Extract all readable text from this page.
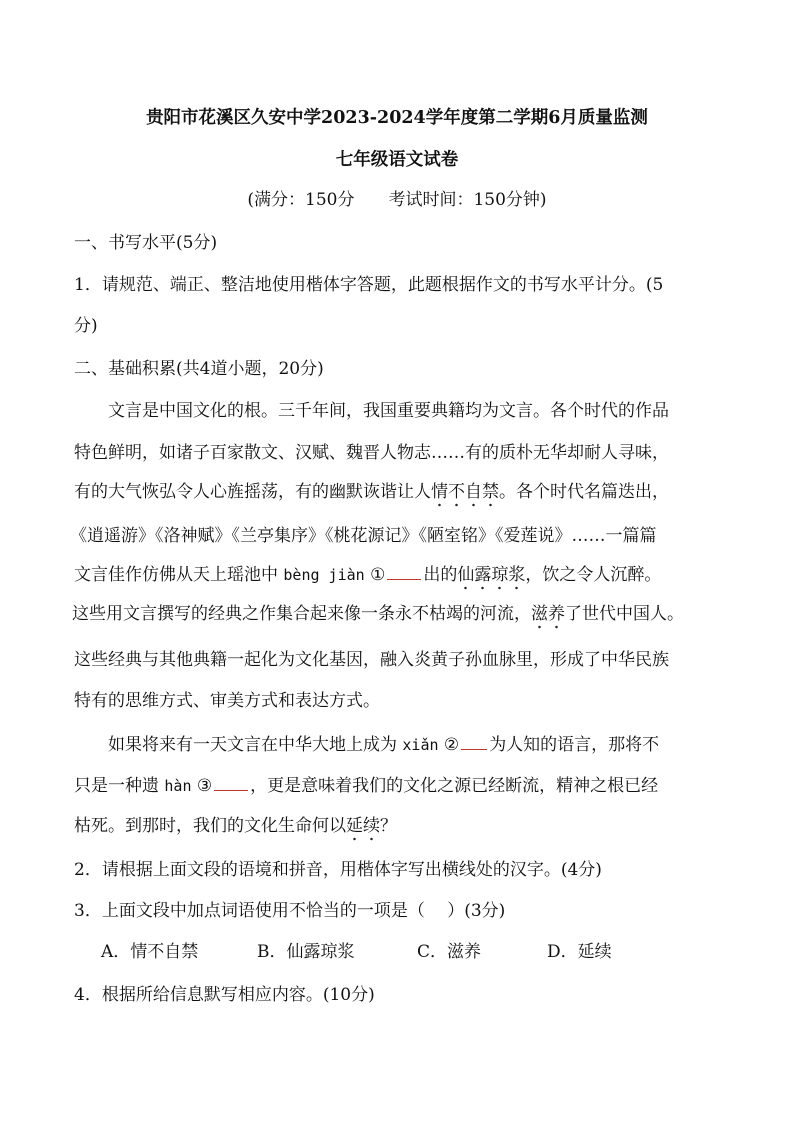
贵阳市花溪区久安中学2023-2024学年度第二学期6月质量监测
七年级语文试卷
(满分：150分　　考试时间：150分钟)
一、书写水平(5分)
1．请规范、端正、整洁地使用楷体字答题，此题根据作文的书写水平计分。(5
分)
二、基础积累(共4道小题，20分)
文言是中国文化的根。三千年间，我国重要典籍均为文言。各个时代的作品
特色鲜明，如诸子百家散文、汉赋、魏晋人物志……有的质朴无华却耐人寻味，
有的大气恢弘令人心旌摇荡，有的幽默诙谐让人情不自禁。各个时代名篇迭出，
《逍遥游》《洛神赋》《兰亭集序》《桃花源记》《陋室铭》《爱莲说》……一篇篇
文言佳作仿佛从天上瑶池中 bèng jiàn ① 出的仙露琼浆，饮之令人沉醉。
这些用文言撰写的经典之作集合起来像一条永不枯竭的河流，滋养了世代中国人。
这些经典与其他典籍一起化为文化基因，融入炎黄子孙血脉里，形成了中华民族
特有的思维方式、审美方式和表达方式。
如果将来有一天文言在中华大地上成为 xiǎn ② 为人知的语言，那将不
只是一种遗 hàn ③ ，更是意味着我们的文化之源已经断流，精神之根已经
枯死。到那时，我们的文化生命何以延续？
2．请根据上面文段的语境和拼音，用楷体字写出横线处的汉字。(4分)
3．上面文段中加点词语使用不恰当的一项是（　 ）(3分)
A．情不自禁	B．仙露琼浆	C．滋养	D．延续
4．根据所给信息默写相应内容。(10分)
